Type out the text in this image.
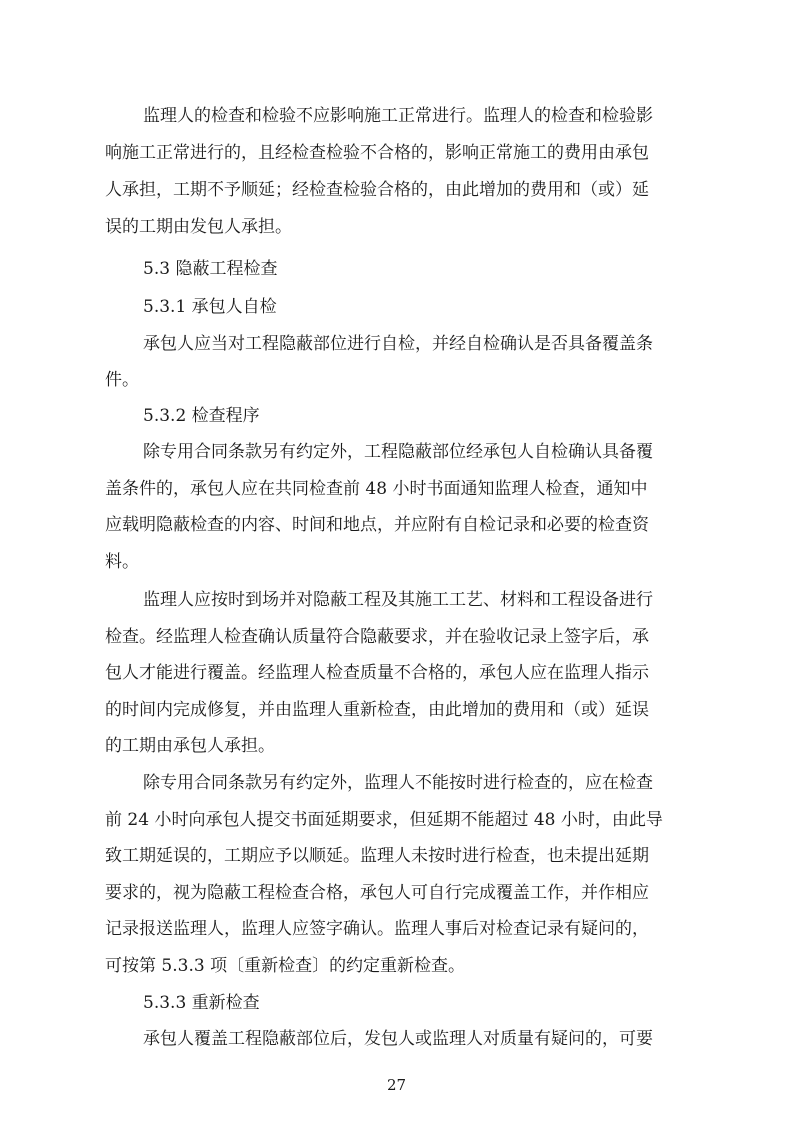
监理人的检查和检验不应影响施工正常进行。监理人的检查和检验影
响施工正常进行的，且经检查检验不合格的，影响正常施工的费用由承包
人承担，工期不予顺延；经检查检验合格的，由此增加的费用和（或）延
误的工期由发包人承担。
5.3 隐蔽工程检查
5.3.1 承包人自检
承包人应当对工程隐蔽部位进行自检，并经自检确认是否具备覆盖条
件。
5.3.2 检查程序
除专用合同条款另有约定外，工程隐蔽部位经承包人自检确认具备覆
盖条件的，承包人应在共同检查前 48 小时书面通知监理人检查，通知中
应载明隐蔽检查的内容、时间和地点，并应附有自检记录和必要的检查资
料。
监理人应按时到场并对隐蔽工程及其施工工艺、材料和工程设备进行
检查。经监理人检查确认质量符合隐蔽要求，并在验收记录上签字后，承
包人才能进行覆盖。经监理人检查质量不合格的，承包人应在监理人指示
的时间内完成修复，并由监理人重新检查，由此增加的费用和（或）延误
的工期由承包人承担。
除专用合同条款另有约定外，监理人不能按时进行检查的，应在检查
前 24 小时向承包人提交书面延期要求，但延期不能超过 48 小时，由此导
致工期延误的，工期应予以顺延。监理人未按时进行检查，也未提出延期
要求的，视为隐蔽工程检查合格，承包人可自行完成覆盖工作，并作相应
记录报送监理人，监理人应签字确认。监理人事后对检查记录有疑问的，
可按第 5.3.3 项〔重新检查〕的约定重新检查。
5.3.3 重新检查
承包人覆盖工程隐蔽部位后，发包人或监理人对质量有疑问的，可要
27
